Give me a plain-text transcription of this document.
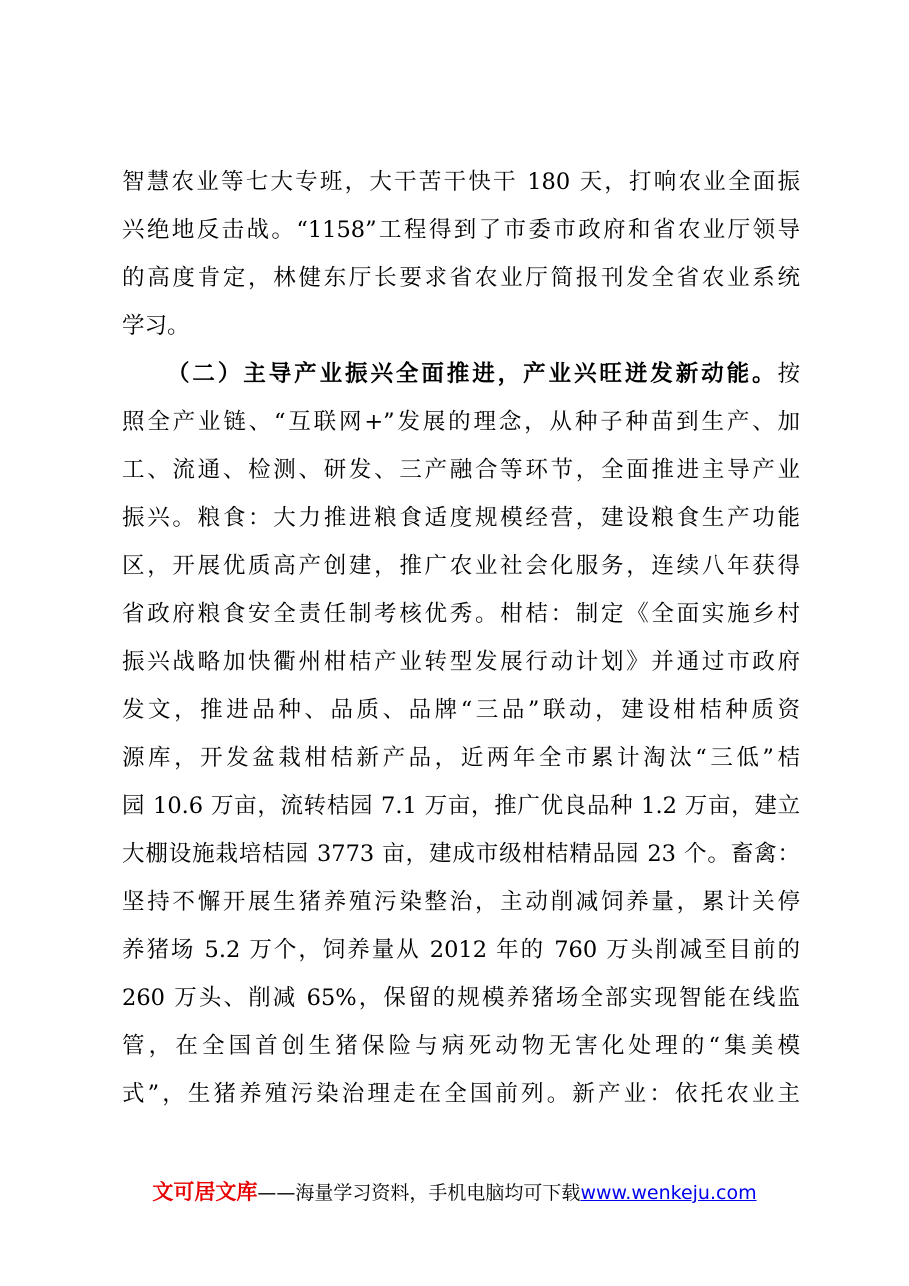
智慧农业等七大专班，大干苦干快干 180 天，打响农业全面振
兴绝地反击战。“1158”工程得到了市委市政府和省农业厅领导
的高度肯定，林健东厅长要求省农业厅简报刊发全省农业系统
学习。
（二）主导产业振兴全面推进，产业兴旺迸发新动能。按
照全产业链、“互联网+”发展的理念，从种子种苗到生产、加
工、流通、检测、研发、三产融合等环节，全面推进主导产业
振兴。粮食：大力推进粮食适度规模经营，建设粮食生产功能
区，开展优质高产创建，推广农业社会化服务，连续八年获得
省政府粮食安全责任制考核优秀。柑桔：制定《全面实施乡村
振兴战略加快衢州柑桔产业转型发展行动计划》并通过市政府
发文，推进品种、品质、品牌“三品”联动，建设柑桔种质资
源库，开发盆栽柑桔新产品，近两年全市累计淘汰“三低”桔
园 10.6 万亩，流转桔园 7.1 万亩，推广优良品种 1.2 万亩，建立
大棚设施栽培桔园 3773 亩，建成市级柑桔精品园 23 个。畜禽：
坚持不懈开展生猪养殖污染整治，主动削减饲养量，累计关停
养猪场 5.2 万个，饲养量从 2012 年的 760 万头削减至目前的
260 万头、削减 65%，保留的规模养猪场全部实现智能在线监
管，在全国首创生猪保险与病死动物无害化处理的“集美模
式”，生猪养殖污染治理走在全国前列。新产业：依托农业主
文可居文库——海量学习资料，手机电脑均可下载www.wenkeju.com
